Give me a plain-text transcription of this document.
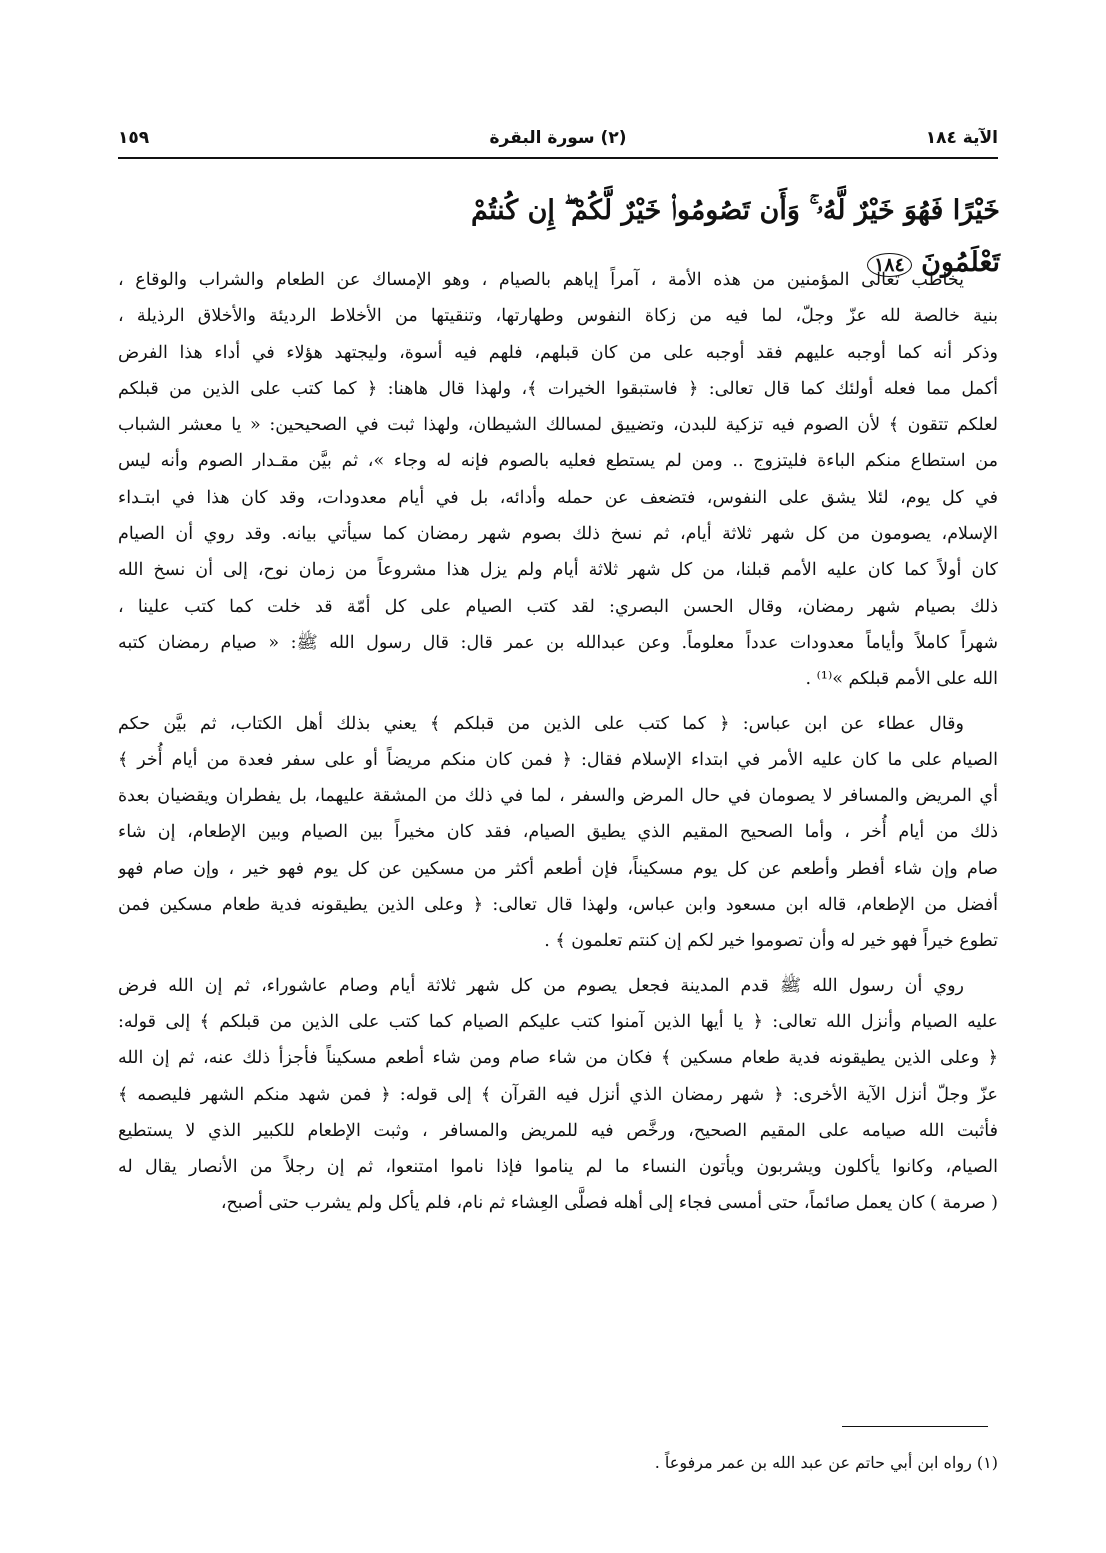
١٥٩	(٢) سورة البقرة	الآية ١٨٤
خَيْرًا فَهُوَ خَيْرٌ لَّهُۥ ۚ وَأَن تَصُومُوا۟ خَيْرٌ لَّكُمْ ۖ إِن كُنتُمْ تَعْلَمُونَ ١٨٤
يخاطب تعالى المؤمنين من هذه الأمة ، آمراً إياهم بالصيام ، وهو الإمساك عن الطعام والشراب والوقاع ،
بنية خالصة لله عزّ وجلّ، لما فيه من زكاة النفوس وطهارتها، وتنقيتها من الأخلاط الرديئة والأخلاق الرذيلة ،
وذكر أنه كما أوجبه عليهم فقد أوجبه على من كان قبلهم، فلهم فيه أسوة، وليجتهد هؤلاء في أداء هذا الفرض
أكمل مما فعله أولئك كما قال تعالى: ﴿ فاستبقوا الخيرات ﴾، ولهذا قال هاهنا: ﴿ كما كتب على الذين من قبلكم
لعلكم تتقون ﴾ لأن الصوم فيه تزكية للبدن، وتضييق لمسالك الشيطان، ولهذا ثبت في الصحيحين: « يا معشر الشباب
من استطاع منكم الباءة فليتزوج .. ومن لم يستطع فعليه بالصوم فإنه له وجاء »، ثم بيَّن مقـدار الصوم وأنه ليس
في كل يوم، لئلا يشق على النفوس، فتضعف عن حمله وأدائه، بل في أيام معدودات، وقد كان هذا في ابتـداء
الإسلام، يصومون من كل شهر ثلاثة أيام، ثم نسخ ذلك بصوم شهر رمضان كما سيأتي بيانه. وقد روي أن الصيام
كان أولاً كما كان عليه الأمم قبلنا، من كل شهر ثلاثة أيام ولم يزل هذا مشروعاً من زمان نوح، إلى أن نسخ الله
ذلك بصيام شهر رمضان، وقال الحسن البصري: لقد كتب الصيام على كل أمّة قد خلت كما كتب علينا ،
شهراً كاملاً وأياماً معدودات عدداً معلوماً. وعن عبدالله بن عمر قال: قال رسول الله ﷺ: « صيام رمضان كتبه
الله على الأمم قبلكم »⁽¹⁾ .
وقال عطاء عن ابن عباس: ﴿ كما كتب على الذين من قبلكم ﴾ يعني بذلك أهل الكتاب، ثم بيَّن حكم
الصيام على ما كان عليه الأمر في ابتداء الإسلام فقال: ﴿ فمن كان منكم مريضاً أو على سفر فعدة من أيام أُخر ﴾
أي المريض والمسافر لا يصومان في حال المرض والسفر ، لما في ذلك من المشقة عليهما، بل يفطران ويقضيان بعدة
ذلك من أيام أُخر ، وأما الصحيح المقيم الذي يطيق الصيام، فقد كان مخيراً بين الصيام وبين الإطعام، إن شاء
صام وإن شاء أفطر وأطعم عن كل يوم مسكيناً، فإن أطعم أكثر من مسكين عن كل يوم فهو خير ، وإن صام فهو
أفضل من الإطعام، قاله ابن مسعود وابن عباس، ولهذا قال تعالى: ﴿ وعلى الذين يطيقونه فدية طعام مسكين فمن
تطوع خيراً فهو خير له وأن تصوموا خير لكم إن كنتم تعلمون ﴾ .
روي أن رسول الله ﷺ قدم المدينة فجعل يصوم من كل شهر ثلاثة أيام وصام عاشوراء، ثم إن الله فرض
عليه الصيام وأنزل الله تعالى: ﴿ يا أيها الذين آمنوا كتب عليكم الصيام كما كتب على الذين من قبلكم ﴾ إلى قوله:
﴿ وعلى الذين يطيقونه فدية طعام مسكين ﴾ فكان من شاء صام ومن شاء أطعم مسكيناً فأجزأ ذلك عنه، ثم إن الله
عزّ وجلّ أنزل الآية الأخرى: ﴿ شهر رمضان الذي أنزل فيه القرآن ﴾ إلى قوله: ﴿ فمن شهد منكم الشهر فليصمه ﴾
فأثبت الله صيامه على المقيم الصحيح، ورخَّص فيه للمريض والمسافر ، وثبت الإطعام للكبير الذي لا يستطيع
الصيام، وكانوا يأكلون ويشربون ويأتون النساء ما لم يناموا فإذا ناموا امتنعوا، ثم إن رجلاً من الأنصار يقال له
( صرمة ) كان يعمل صائماً، حتى أمسى فجاء إلى أهله فصلَّى العِشاء ثم نام، فلم يأكل ولم يشرب حتى أصبح،
(١) رواه ابن أبي حاتم عن عبد الله بن عمر مرفوعاً .
